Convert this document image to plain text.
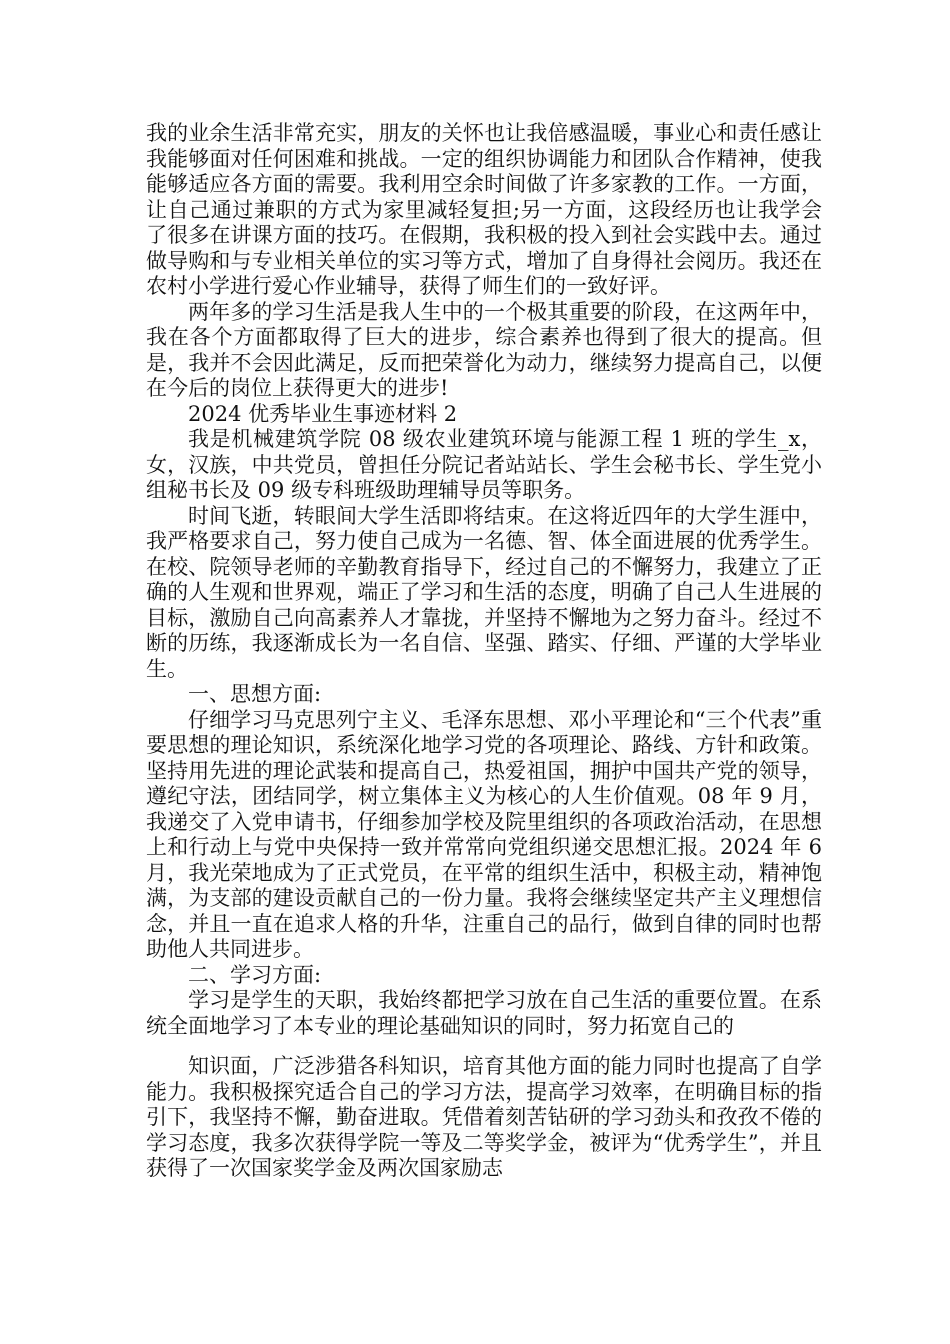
我的业余生活非常充实，朋友的关怀也让我倍感温暖，事业心和责任感让我能够面对任何困难和挑战。一定的组织协调能力和团队合作精神，使我能够适应各方面的需要。我利用空余时间做了许多家教的工作。一方面，让自己通过兼职的方式为家里减轻复担;另一方面，这段经历也让我学会了很多在讲课方面的技巧。在假期，我积极的投入到社会实践中去。通过做导购和与专业相关单位的实习等方式，增加了自身得社会阅历。我还在农村小学进行爱心作业辅导，获得了师生们的一致好评。

两年多的学习生活是我人生中的一个极其重要的阶段，在这两年中，我在各个方面都取得了巨大的进步，综合素养也得到了很大的提高。但是，我并不会因此满足，反而把荣誉化为动力，继续努力提高自己，以便在今后的岗位上获得更大的进步!

2024 优秀毕业生事迹材料 2

我是机械建筑学院 08 级农业建筑环境与能源工程 1 班的学生_x，女，汉族，中共党员，曾担任分院记者站站长、学生会秘书长、学生党小组秘书长及 09 级专科班级助理辅导员等职务。

时间飞逝，转眼间大学生活即将结束。在这将近四年的大学生涯中，我严格要求自己，努力使自己成为一名德、智、体全面进展的优秀学生。在校、院领导老师的辛勤教育指导下，经过自己的不懈努力，我建立了正确的人生观和世界观，端正了学习和生活的态度，明确了自己人生进展的目标，激励自己向高素养人才靠拢，并坚持不懈地为之努力奋斗。经过不断的历练，我逐渐成长为一名自信、坚强、踏实、仔细、严谨的大学毕业生。

一、思想方面:

仔细学习马克思列宁主义、毛泽东思想、邓小平理论和“三个代表”重要思想的理论知识，系统深化地学习党的各项理论、路线、方针和政策。坚持用先进的理论武装和提高自己，热爱祖国，拥护中国共产党的领导，遵纪守法，团结同学，树立集体主义为核心的人生价值观。08 年 9 月，我递交了入党申请书，仔细参加学校及院里组织的各项政治活动，在思想上和行动上与党中央保持一致并常常向党组织递交思想汇报。2024 年 6 月，我光荣地成为了正式党员，在平常的组织生活中，积极主动，精神饱满，为支部的建设贡献自己的一份力量。我将会继续坚定共产主义理想信念，并且一直在追求人格的升华，注重自己的品行，做到自律的同时也帮助他人共同进步。

二、学习方面:

学习是学生的天职，我始终都把学习放在自己生活的重要位置。在系统全面地学习了本专业的理论基础知识的同时，努力拓宽自己的

知识面，广泛涉猎各科知识，培育其他方面的能力同时也提高了自学能力。我积极探究适合自己的学习方法，提高学习效率，在明确目标的指引下，我坚持不懈，勤奋进取。凭借着刻苦钻研的学习劲头和孜孜不倦的学习态度，我多次获得学院一等及二等奖学金，被评为“优秀学生”，并且获得了一次国家奖学金及两次国家励志
